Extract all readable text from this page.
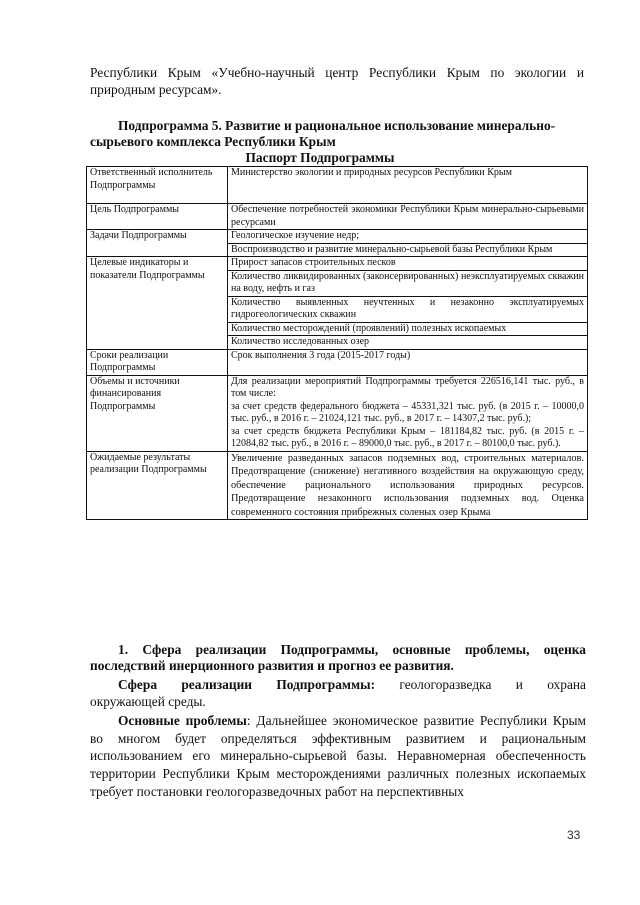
Республики Крым «Учебно-научный центр Республики Крым по экологии и природным ресурсам».

Подпрограмма 5. Развитие и рациональное использование минерально-
сырьевого комплекса Республики Крым

Паспорт Подпрограммы

Ответственный исполнитель Подпрограммы	Министерство экологии и природных ресурсов Республики Крым
Цель Подпрограммы	Обеспечение потребностей экономики Республики Крым минерально-сырьевыми ресурсами
Задачи Подпрограммы	Геологическое изучение недр;
	Воспроизводство и развитие минерально-сырьевой базы Республики Крым
Целевые индикаторы и показатели Подпрограммы	Прирост запасов строительных песков
	Количество ликвидированных (законсервированных) неэксплуатируемых скважин на воду, нефть и газ
	Количество выявленных неучтенных и незаконно эксплуатируемых гидрогеологических скважин
	Количество месторождений (проявлений) полезных ископаемых
	Количество исследованных озер
Сроки реализации Подпрограммы	Срок выполнения 3 года (2015-2017 годы)
Объемы и источники финансирования Подпрограммы	Для реализации мероприятий Подпрограммы требуется 226516,141 тыс. руб., в том числе:
за счет средств федерального бюджета – 45331,321 тыс. руб. (в 2015 г. – 10000,0 тыс. руб., в 2016 г. – 21024,121 тыс. руб., в 2017 г. – 14307,2 тыс. руб.);
за счет средств бюджета Республики Крым – 181184,82 тыс. руб. (в 2015 г. – 12084,82 тыс. руб., в 2016 г. – 89000,0 тыс. руб., в 2017 г. – 80100,0 тыс. руб.).

Ожидаемые результаты реализации Подпрограммы	Увеличение разведанных запасов подземных вод, строительных материалов. Предотвращение (снижение) негативного воздействия на окружающую среду, обеспечение рационального использования природных ресурсов. Предотвращение незаконного использования подземных вод. Оценка современного состояния прибрежных соленых озер Крыма

1. Сфера реализации Подпрограммы, основные проблемы, оценка последствий инерционного развития и прогноз ее развития.

Сфера реализации Подпрограммы: геологоразведка и охрана
окружающей среды.

Основные проблемы: Дальнейшее экономическое развитие Республики Крым во многом будет определяться эффективным развитием и рациональным использованием его минерально-сырьевой базы. Неравномерная обеспеченность территории Республики Крым месторождениями различных полезных ископаемых требует постановки геологоразведочных работ на перспективных

33
